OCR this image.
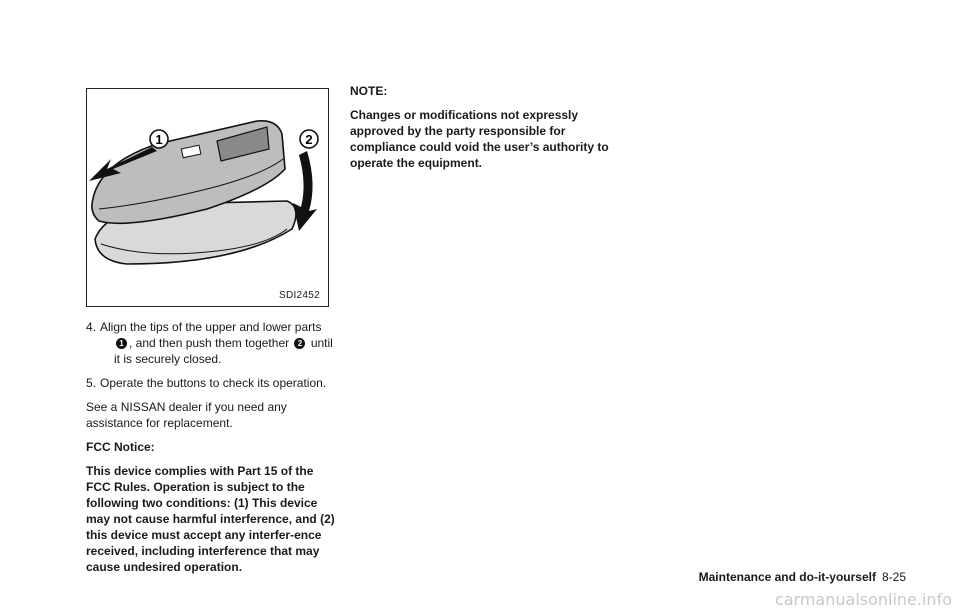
1	2
SDI2452

4. Align the tips of the upper and lower parts
1 , and then push them together 2 until it is securely closed.

5. Operate the buttons to check its operation.

See a NISSAN dealer if you need any assistance for replacement.

FCC Notice:

This device complies with Part 15 of the FCC Rules. Operation is subject to the following two conditions: (1) This device may not cause harmful interference, and (2) this device must accept any interfer-ence received, including interference that may cause undesired operation.

NOTE:

Changes or modifications not expressly approved by the party responsible for compliance could void the user’s authority to operate the equipment.

Maintenance and do-it-yourself 8-25
carmanualsonline.info
